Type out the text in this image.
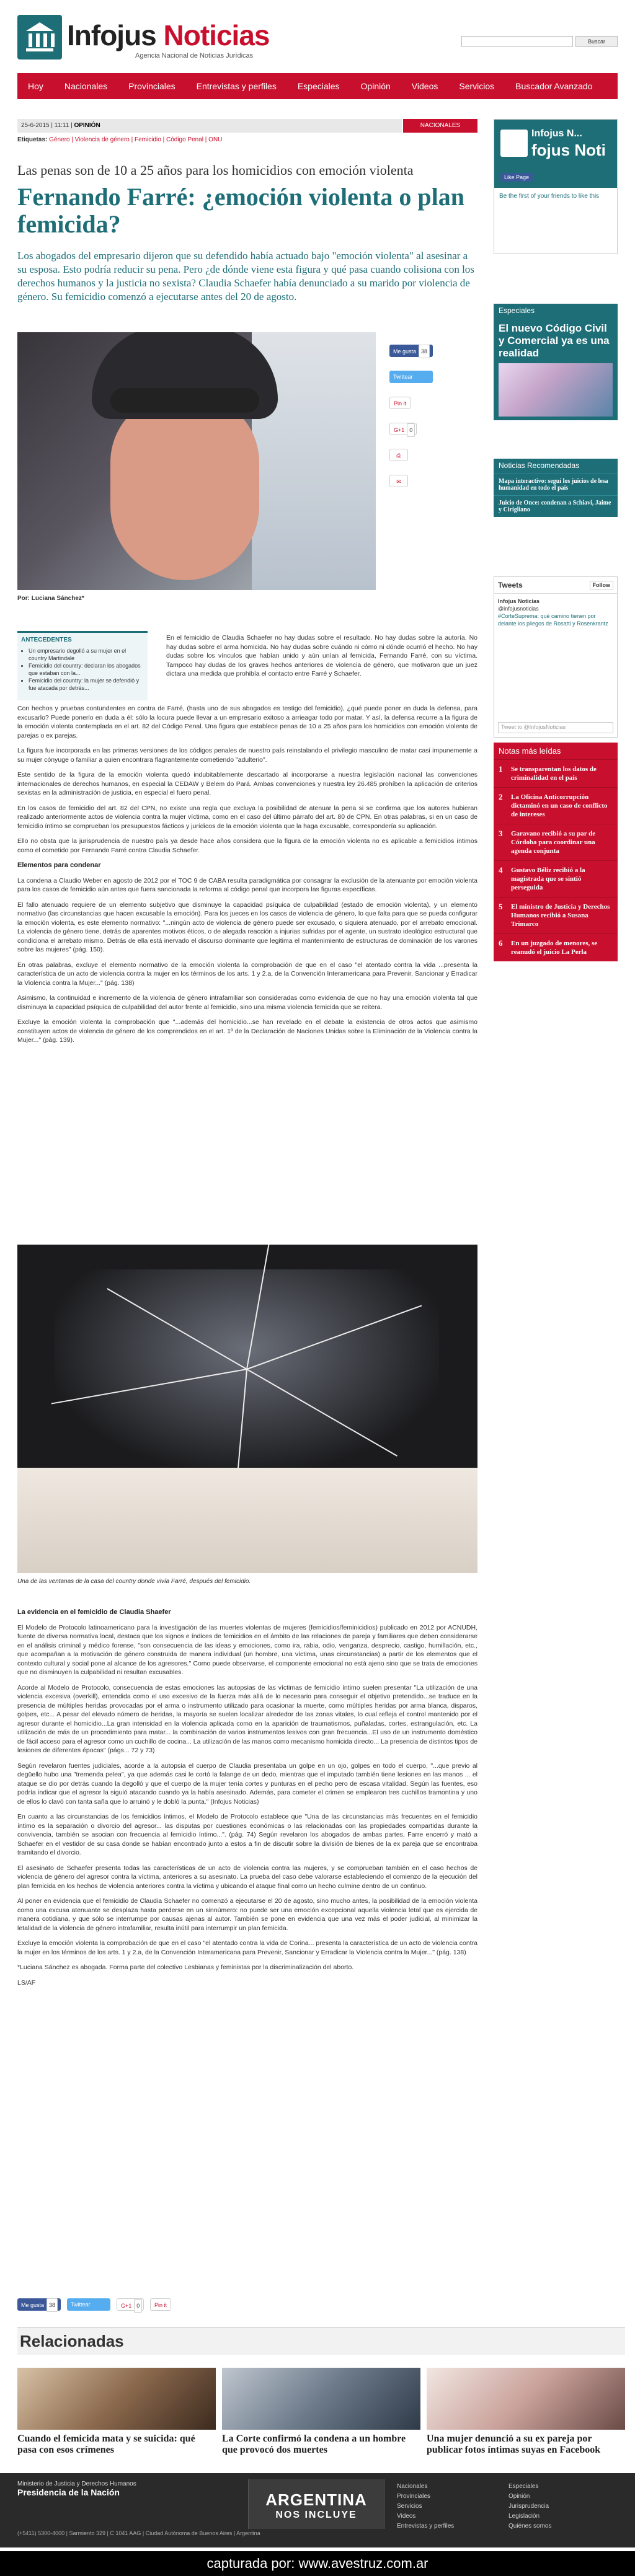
Infojus Noticias
Agencia Nacional de Noticias Jurídicas
Buscar
Hoy	Nacionales	Provinciales	Entrevistas y perfiles	Especiales	Opinión	Videos	Servicios	Buscador Avanzado
25-6-2015 | 11:11 | OPINIÓN	NACIONALES
Etiquetas: Género | Violencia de género | Femicidio | Código Penal | ONU
Las penas son de 10 a 25 años para los homicidios con emoción violenta
Fernando Farré: ¿emoción violenta o plan femicida?
Los abogados del empresario dijeron que su defendido había actuado bajo "emoción violenta" al asesinar a su esposa. Esto podría reducir su pena. Pero ¿de dónde viene esta figura y qué pasa cuando colisiona con los derechos humanos y la justicia no sexista? Claudia Schaefer había denunciado a su marido por violencia de género. Su femicidio comenzó a ejecutarse antes del 20 de agosto.
Por: Luciana Sánchez*
Me gusta 38
Twittear
Pin it
G+1 0
⎙
✉
ANTECEDENTES
• Un empresario degolló a su mujer en el country Martindale
• Femicidio del country: declaran los abogados que estaban con la...
• Femicidio del country: la mujer se defendió y fue atacada por detrás...

En el femicidio de Claudia Schaefer no hay dudas sobre el resultado. No hay dudas sobre la autoría. No hay dudas sobre el arma homicida. No hay dudas sobre cuándo ni cómo ni dónde ocurrió el hecho. No hay dudas sobre los vínculos que habían unido y aún unían al femicida, Fernando Farré, con su víctima. Tampoco hay dudas de los graves hechos anteriores de violencia de género, que motivaron que un juez dictara una medida que prohibía el contacto entre Farré y Schaefer.

Con hechos y pruebas contundentes en contra de Farré, (hasta uno de sus abogados es testigo del femicidio), ¿qué puede poner en duda la defensa, para excusarlo? Puede ponerlo en duda a él: sólo la locura puede llevar a un empresario exitoso a arrieagar todo por matar. Y así, la defensa recurre a la figura de la emoción violenta contemplada en el art. 82 del Código Penal. Una figura que establece penas de 10 a 25 años para los homicidios con emoción violenta de parejas o ex parejas.

La figura fue incorporada en las primeras versiones de los códigos penales de nuestro país reinstalando el privilegio masculino de matar casi impunemente a su mujer cónyuge o familiar a quien encontrara flagrantemente cometiendo "adulterio".

Este sentido de la figura de la emoción violenta quedó indubitablemente descartado al incorporarse a nuestra legislación nacional las convenciones internacionales de derechos humanos, en especial la CEDAW y Belem do Pará. Ambas convenciones y nuestra ley 26.485 prohíben la aplicación de criterios sexistas en la administración de justicia, en especial el fuero penal.

En los casos de femicidio del art. 82 del CPN, no existe una regla que excluya la posibilidad de atenuar la pena si se confirma que los autores hubieran realizado anteriormente actos de violencia contra la mujer víctima, como en el caso del último párrafo del art. 80 de CPN. En otras palabras, si en un caso de femicidio íntimo se comprueban los presupuestos fácticos y jurídicos de la emoción violenta que la haga excusable, correspondería su aplicación.

Ello no obsta que la jurisprudencia de nuestro país ya desde hace años considera que la figura de la emoción violenta no es aplicable a femicidios íntimos como el cometido por Fernando Farré contra Claudia Schaefer.

Elementos para condenar

La condena a Claudio Weber en agosto de 2012 por el TOC 9 de CABA resulta paradigmática por consagrar la exclusión de la atenuante por emoción violenta para los casos de femicidio aún antes que fuera sancionada la reforma al código penal que incorpora las figuras específicas.

El fallo atenuado requiere de un elemento subjetivo que disminuye la capacidad psíquica de culpabilidad (estado de emoción violenta), y un elemento normativo (las circunstancias que hacen excusable la emoción). Para los jueces en los casos de violencia de género, lo que falta para que se pueda configurar la emoción violenta, es este elemento normativo: "...ningún acto de violencia de género puede ser excusado, o siquiera atenuado, por el arrebato emocional. La violencia de género tiene, detrás de aparentes motivos éticos, o de alegada reacción a injurias sufridas por el agente, un sustrato ideológico estructural que condiciona el arrebato mismo. Detrás de ella está inervado el discurso dominante que legitima el mantenimiento de estructuras de dominación de los varones sobre las mujeres" (pág. 150).

En otras palabras, excluye el elemento normativo de la emoción violenta la comprobación de que en el caso "el atentado contra la vida ...presenta la característica de un acto de violencia contra la mujer en los términos de los arts. 1 y 2.a, de la Convención Interamericana para Prevenir, Sancionar y Erradicar la Violencia contra la Mujer..." (pág. 138)

Asimismo, la continuidad e incremento de la violencia de género intrafamiliar son consideradas como evidencia de que no hay una emoción violenta tal que disminuya la capacidad psíquica de culpabilidad del autor frente al femicidio, sino una misma violencia femicida que se reitera.

Excluye la emoción violenta la comprobación que "...además del homicidio...se han revelado en el debate la existencia de otros actos que asimismo constituyen actos de violencia de género de los comprendidos en el art. 1º de la Declaración de Naciones Unidas sobre la Eliminación de la Violencia contra la Mujer..." (pág. 139).

Una de las ventanas de la casa del country donde vivía Farré, después del femicidio.
La evidencia en el femicidio de Claudia Shaefer

El Modelo de Protocolo latinoamericano para la investigación de las muertes violentas de mujeres (femicidios/feminicidios) publicado en 2012 por ACNUDH, fuente de diversa normativa local, destaca que los signos e índices de femicidios en el ámbito de las relaciones de pareja y familiares que deben considerarse en el análisis criminal y médico forense, "son consecuencia de las ideas y emociones, como ira, rabia, odio, venganza, desprecio, castigo, humillación, etc., que acompañan a la motivación de género construida de manera individual (un hombre, una víctima, unas circunstancias) a partir de los elementos que el contexto cultural y social pone al alcance de los agresores." Como puede observarse, el componente emocional no está ajeno sino que se trata de emociones que no disminuyen la culpabilidad ni resultan excusables.

Acorde al Modelo de Protocolo, consecuencia de estas emociones las autopsias de las víctimas de femicidio íntimo suelen presentar "La utilización de una violencia excesiva (overkill), entendida como el uso excesivo de la fuerza más allá de lo necesario para conseguir el objetivo pretendido...se traduce en la presencia de múltiples heridas provocadas por el arma o instrumento utilizado para ocasionar la muerte, como múltiples heridas por arma blanca, disparos, golpes, etc... A pesar del elevado número de heridas, la mayoría se suelen localizar alrededor de las zonas vitales, lo cual refleja el control mantenido por el agresor durante el homicidio...La gran intensidad en la violencia aplicada como en la aparición de traumatismos, puñaladas, cortes, estrangulación, etc. La utilización de más de un procedimiento para matar... la combinación de varios instrumentos lesivos con gran frecuencia...El uso de un instrumento doméstico de fácil acceso para el agresor como un cuchillo de cocina... La utilización de las manos como mecanismo homicida directo... La presencia de distintos tipos de lesiones de diferentes épocas" (págs... 72 y 73)

Según revelaron fuentes judiciales, acorde a la autopsia el cuerpo de Claudia presentaba un golpe en un ojo, golpes en todo el cuerpo, "...que previo al degüello hubo una "tremenda pelea", ya que además casi le cortó la falange de un dedo, mientras que el imputado también tiene lesiones en las manos ... el ataque se dio por detrás cuando la degolló y que el cuerpo de la mujer tenía cortes y punturas en el pecho pero de escasa vitalidad. Según las fuentes, eso podría indicar que el agresor la siguió atacando cuando ya la había asesinado. Además, para cometer el crimen se emplearon tres cuchillos tramontina y uno de ellos lo clavó con tanta saña que lo arruinó y le dobló la punta." (Infojus Noticias)

En cuanto a las circunstancias de los femicidios íntimos, el Modelo de Protocolo establece que "Una de las circunstancias más frecuentes en el femicidio íntimo es la separación o divorcio del agresor... las disputas por cuestiones económicas o las relacionadas con las propiedades compartidas durante la convivencia, también se asocian con frecuencia al femicidio íntimo...". (pág. 74) Según revelaron los abogados de ambas partes, Farre encerró y mató a Schaefer en el vestidor de su casa donde se habían encontrado junto a estos a fin de discutir sobre la división de bienes de la ex pareja que se encontraba tramitando el divorcio.

El asesinato de Schaefer presenta todas las características de un acto de violencia contra las mujeres, y se comprueban también en el caso hechos de violencia de género del agresor contra la víctima, anteriores a su asesinato. La prueba del caso debe valorarse estableciendo el comienzo de la ejecución del plan femicida en los hechos de violencia anteriores contra la víctima y ubicando el ataque final como un hecho culmine dentro de un continuo.

Al poner en evidencia que el femicidio de Claudia Schaefer no comenzó a ejecutarse el 20 de agosto, sino mucho antes, la posibilidad de la emoción violenta como una excusa atenuante se desplaza hasta perderse en un sinnúmero: no puede ser una emoción excepcional aquella violencia letal que es ejercida de manera cotidiana, y que sólo se interrumpe por causas ajenas al autor. También se pone en evidencia que una vez más el poder judicial, al minimizar la letalidad de la violencia de género intrafamiliar, resulta inútil para interrumpir un plan femicida.

Excluye la emoción violenta la comprobación de que en el caso "el atentado contra la vida de Corina... presenta la característica de un acto de violencia contra la mujer en los términos de los arts. 1 y 2.a, de la Convención Interamericana para Prevenir, Sancionar y Erradicar la Violencia contra la Mujer..." (pág. 138)

*Luciana Sánchez es abogada. Forma parte del colectivo Lesbianas y feministas por la discriminalización del aborto.

LS/AF

Me gusta 38	Twittear	G+1 0	Pin it
Relacionadas
Cuando el femicida mata y se suicida: qué pasa con esos crímenes
La Corte confirmó la condena a un hombre que provocó dos muertes
Una mujer denunció a su ex pareja por publicar fotos íntimas suyas en Facebook
Infojus N...
fojus Noti
Like Page
Be the first of your friends to like this
Especiales
El nuevo Código Civil y Comercial ya es una realidad
Noticias Recomendadas
Mapa interactivo: seguí los juicios de lesa humanidad en todo el país
Juicio de Once: condenan a Schiavi, Jaime y Cirigliano
Tweets	Follow
Infojus Noticias
@infojusnoticias
#CorteSuprema: qué camino tienen por delante los pliegos de Rosatti y Rosenkrantz
Tweet to @InfojusNoticias
Notas más leídas
1 Se transparentan los datos de criminalidad en el país
2 La Oficina Anticorrupción dictaminó en un caso de conflicto de intereses
3 Garavano recibió a su par de Córdoba para coordinar una agenda conjunta
4 Gustavo Béliz recibió a la magistrada que se sintió perseguida
5 El ministro de Justicia y Derechos Humanos recibió a Susana Trimarco
6 En un juzgado de menores, se reanudó el juicio La Perla
Ministerio de Justicia y Derechos Humanos
Presidencia de la Nación	ARGENTINA
NOS INCLUYE
Nacionales
Provinciales
Servicios
Videos
Entrevistas y perfiles
Especiales
Opinión
Jurisprudencia
Legislación
Quiénes somos
(+5411) 5300-4000 | Sarmiento 329 | C 1041 AAG | Ciudad Autónoma de Buenos Aires | Argentina
capturada por: www.avestruz.com.ar
